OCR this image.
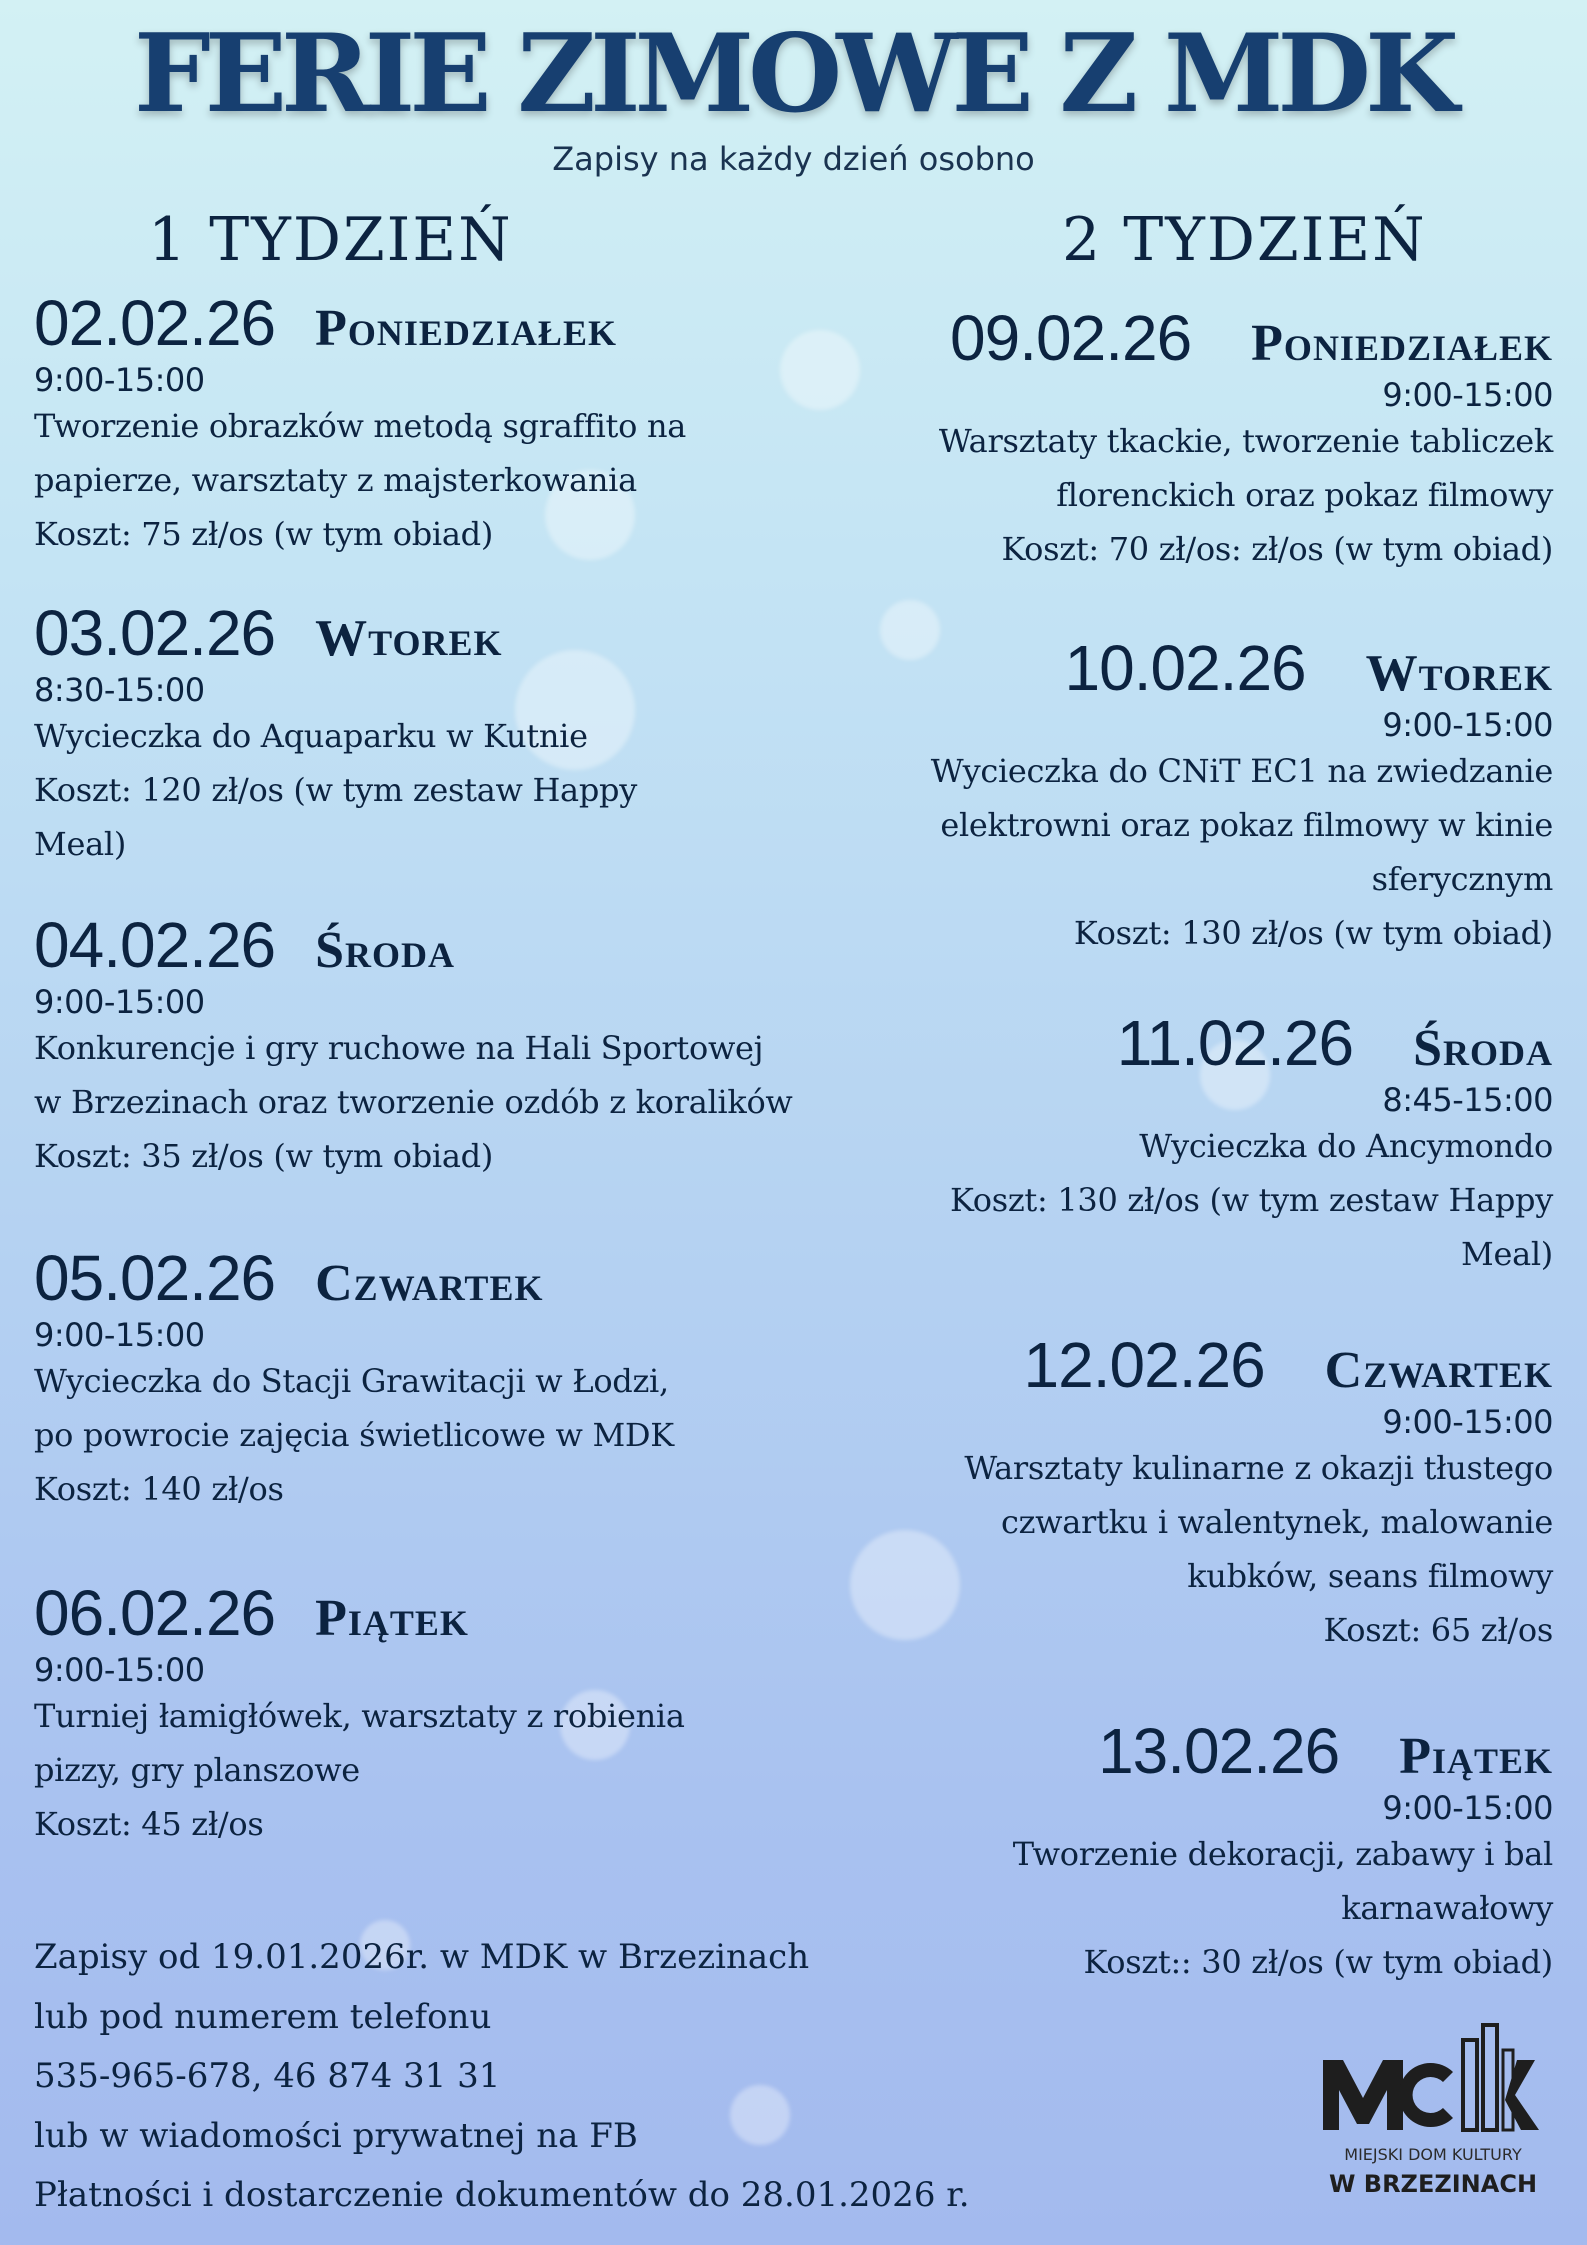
FERIE ZIMOWE Z MDK
Zapisy na każdy dzień osobno
1 TYDZIEŃ	2 TYDZIEŃ
02.02.26 Poniedziałek
9:00-15:00
Tworzenie obrazków metodą sgraffito na
papierze, warsztaty z majsterkowania
Koszt: 75 zł/os (w tym obiad)
03.02.26 Wtorek
8:30-15:00
Wycieczka do Aquaparku w Kutnie
Koszt: 120 zł/os (w tym zestaw Happy
Meal)
04.02.26 Środa
9:00-15:00
Konkurencje i gry ruchowe na Hali Sportowej
w Brzezinach oraz tworzenie ozdób z koralików
Koszt: 35 zł/os (w tym obiad)
05.02.26 Czwartek
9:00-15:00
Wycieczka do Stacji Grawitacji w Łodzi,
po powrocie zajęcia świetlicowe w MDK
Koszt: 140 zł/os
06.02.26 Piątek
9:00-15:00
Turniej łamigłówek, warsztaty z robienia
pizzy, gry planszowe
Koszt: 45 zł/os
09.02.26 Poniedziałek
9:00-15:00
Warsztaty tkackie, tworzenie tabliczek
florenckich oraz pokaz filmowy
Koszt: 70 zł/os: zł/os (w tym obiad)
10.02.26 Wtorek
9:00-15:00
Wycieczka do CNiT EC1 na zwiedzanie
elektrowni oraz pokaz filmowy w kinie
sferycznym
Koszt: 130 zł/os (w tym obiad)
11.02.26 Środa
8:45-15:00
Wycieczka do Ancymondo
Koszt: 130 zł/os (w tym zestaw Happy
Meal)
12.02.26 Czwartek
9:00-15:00
Warsztaty kulinarne z okazji tłustego
czwartku i walentynek, malowanie
kubków, seans filmowy
Koszt: 65 zł/os
13.02.26 Piątek
9:00-15:00
Tworzenie dekoracji, zabawy i bal
karnawałowy
Koszt:: 30 zł/os (w tym obiad)
Zapisy od 19.01.2026r. w MDK w Brzezinach
lub pod numerem telefonu
535-965-678, 46 874 31 31
lub w wiadomości prywatnej na FB
Płatności i dostarczenie dokumentów do 28.01.2026 r.
MIEJSKI DOM KULTURY
W BRZEZINACH
